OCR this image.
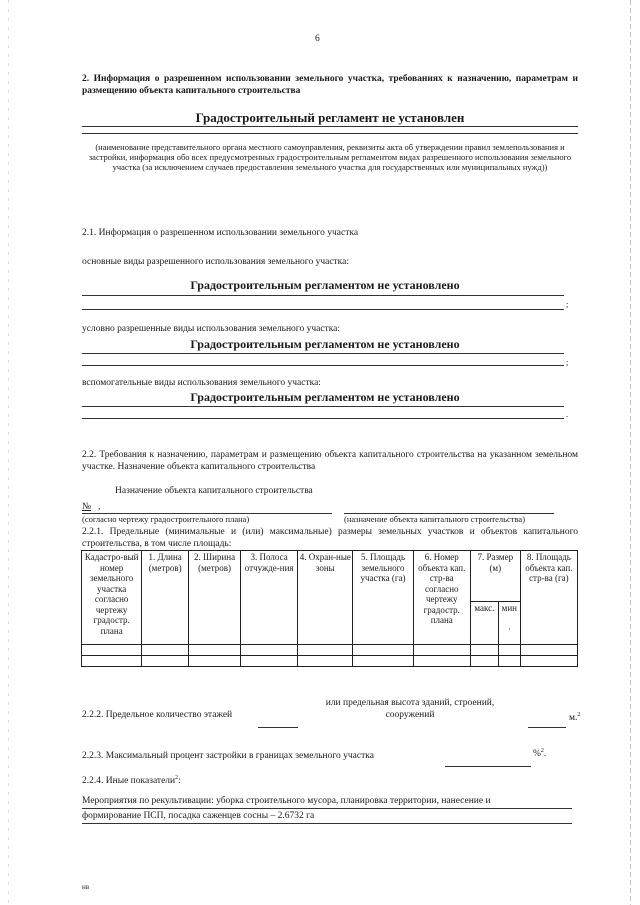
6
2. Информация о разрешенном использовании земельного участка, требованиях к назначению, параметрам и размещению объекта капитального строительства
Градостроительный регламент не установлен
(наименование представительного органа местного самоуправления, реквизиты акта об утверждении правил землепользования и застройки, информация обо всех предусмотренных градостроительным регламентом видах разрешенного использования земельного участка (за исключением случаев предоставления земельного участка для государственных или муниципальных нужд))
2.1. Информация о разрешенном использовании земельного участка
основные виды разрешенного использования земельного участка:
Градостроительным регламентом не установлено
;
условно разрешенные виды использования земельного участка:
Градостроительным регламентом не установлено
;
вспомогательные виды использования земельного участка:
Градостроительным регламентом не установлено
.
2.2. Требования к назначению, параметрам и размещению объекта капитального строительства на указанном земельном участке. Назначение объекта капитального строительства
Назначение объекта капитального строительства
№ ,
(согласно чертежу градостроительного плана)	(назначение объекта капитального строительства)
2.2.1. Предельные (минимальные и (или) максимальные) размеры земельных участков и объектов капитального строительства, в том числе площадь:
Кадастро-вый номер земельного участка согласно чертежу градостр. плана	1. Длина (метров)	2. Ширина (метров)	3. Полоса отчужде-ния	4. Охран-ные зоны	5. Площадь земельного участка (га)	6. Номер объекта кап. стр-ва согласно чертежу градостр. плана	7. Размер (м)		8. Площадь объекта кап. стр-ва (га)
							макс.	мин

·	

или предельная высота зданий, строений, сооружений
2.2.2. Предельное количество этажей	м.$^2$
2.2.3. Максимальный процент застройки в границах земельного участка	%$^2$.
2.2.4. Иные показатели$^2$:
Мероприятия по рекультивации: уборка строительного мусора, планировка территории, нанесение и
формирование ПСП, посадка саженцев сосны – 2.6732 га
нв
